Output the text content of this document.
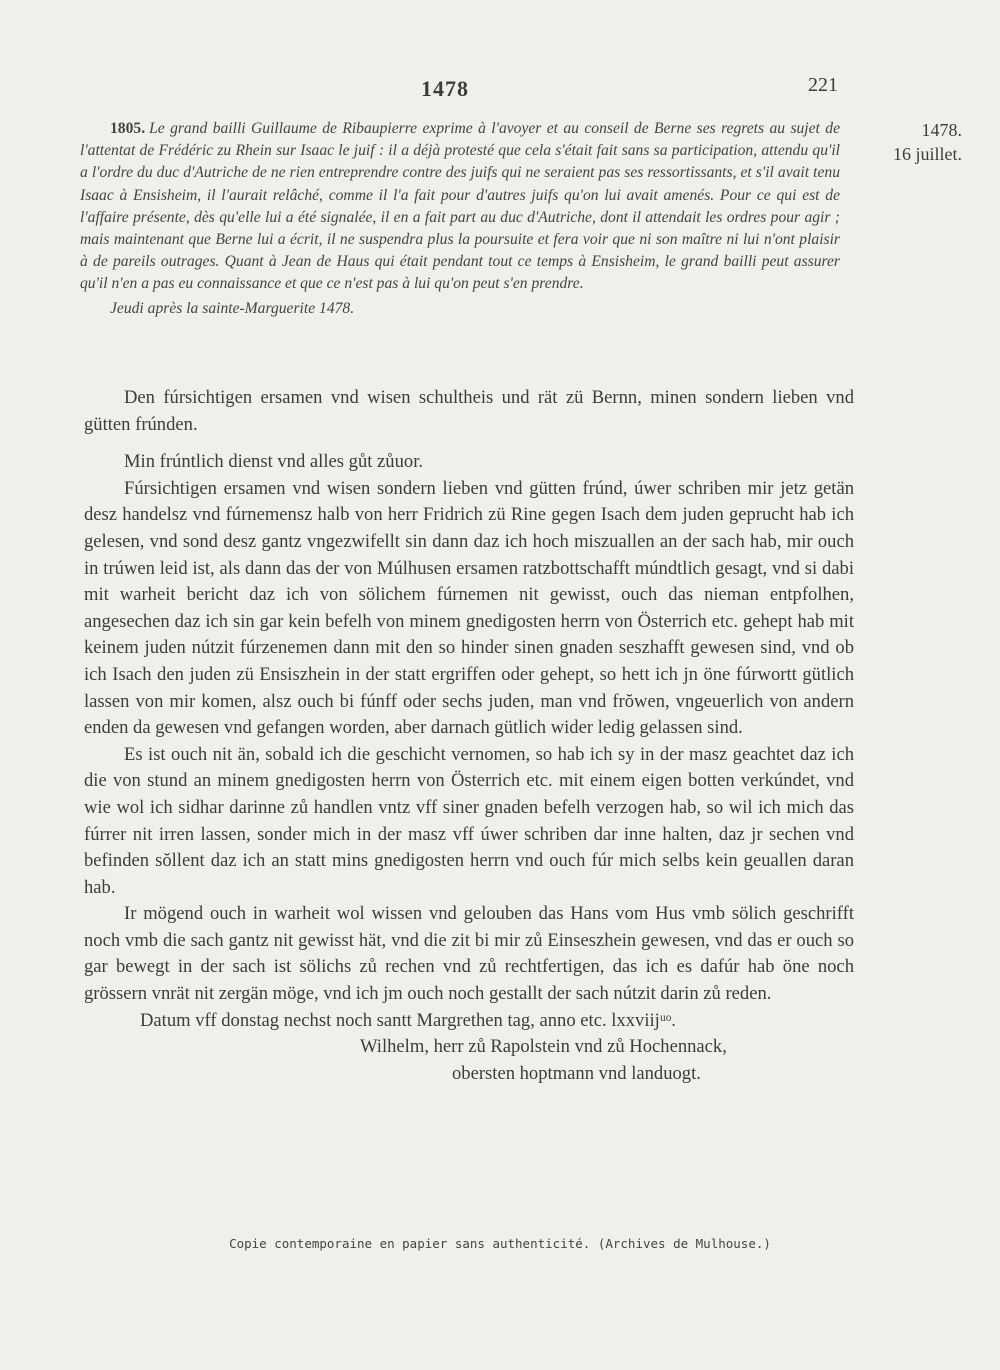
1478	221
1478.
16 juillet.

1805. Le grand bailli Guillaume de Ribaupierre exprime à l'avoyer et au conseil de Berne ses regrets au sujet de l'attentat de Frédéric zu Rhein sur Isaac le juif : il a déjà protesté que cela s'était fait sans sa participation, attendu qu'il a l'ordre du duc d'Autriche de ne rien entreprendre contre des juifs qui ne seraient pas ses ressortissants, et s'il avait tenu Isaac à Ensisheim, il l'aurait relâché, comme il l'a fait pour d'autres juifs qu'on lui avait amenés. Pour ce qui est de l'affaire présente, dès qu'elle lui a été signalée, il en a fait part au duc d'Autriche, dont il attendait les ordres pour agir ; mais maintenant que Berne lui a écrit, il ne suspendra plus la poursuite et fera voir que ni son maître ni lui n'ont plaisir à de pareils outrages. Quant à Jean de Haus qui était pendant tout ce temps à Ensisheim, le grand bailli peut assurer qu'il n'en a pas eu connaissance et que ce n'est pas à lui qu'on peut s'en prendre.

Jeudi après la sainte-Marguerite 1478.

Den fúrsichtigen ersamen vnd wisen schultheis und rät zü Bernn, minen sondern lieben vnd gütten frúnden.

Min frúntlich dienst vnd alles gůt zůuor.

Fúrsichtigen ersamen vnd wisen sondern lieben vnd gütten frúnd, úwer schriben mir jetz getän desz handelsz vnd fúrnemensz halb von herr Fridrich zü Rine gegen Isach dem juden geprucht hab ich gelesen, vnd sond desz gantz vngezwifellt sin dann daz ich hoch miszuallen an der sach hab, mir ouch in trúwen leid ist, als dann das der von Múlhusen ersamen ratzbottschafft múndtlich gesagt, vnd si dabi mit warheit bericht daz ich von sölichem fúrnemen nit gewisst, ouch das nieman entpfolhen, angesechen daz ich sin gar kein befelh von minem gnedigosten herrn von Österrich etc. gehept hab mit keinem juden nútzit fúrzenemen dann mit den so hinder sinen gnaden seszhafft gewesen sind, vnd ob ich Isach den juden zü Ensiszhein in der statt ergriffen oder gehept, so hett ich jn öne fúrwortt gütlich lassen von mir komen, alsz ouch bi fúnff oder sechs juden, man vnd frŏwen, vngeuerlich von andern enden da gewesen vnd gefangen worden, aber darnach gütlich wider ledig gelassen sind.

Es ist ouch nit än, sobald ich die geschicht vernomen, so hab ich sy in der masz geachtet daz ich die von stund an minem gnedigosten herrn von Österrich etc. mit einem eigen botten verkúndet, vnd wie wol ich sidhar darinne zů handlen vntz vff siner gnaden befelh verzogen hab, so wil ich mich das fúrrer nit irren lassen, sonder mich in der masz vff úwer schriben dar inne halten, daz jr sechen vnd befinden sŏllent daz ich an statt mins gnedigosten herrn vnd ouch fúr mich selbs kein geuallen daran hab.

Ir mögend ouch in warheit wol wissen vnd gelouben das Hans vom Hus vmb sölich geschrifft noch vmb die sach gantz nit gewisst hät, vnd die zit bi mir zů Einseszhein gewesen, vnd das er ouch so gar bewegt in der sach ist sölichs zů rechen vnd zů rechtfertigen, das ich es dafúr hab öne noch grössern vnrät nit zergän möge, vnd ich jm ouch noch gestallt der sach nútzit darin zů reden.

Datum vff donstag nechst noch santt Margrethen tag, anno etc. lxxviijᵘᵒ.

Wilhelm, herr zů Rapolstein vnd zů Hochennack,
obersten hoptmann vnd landuogt.
Copie contemporaine en papier sans authenticité. (Archives de Mulhouse.)
